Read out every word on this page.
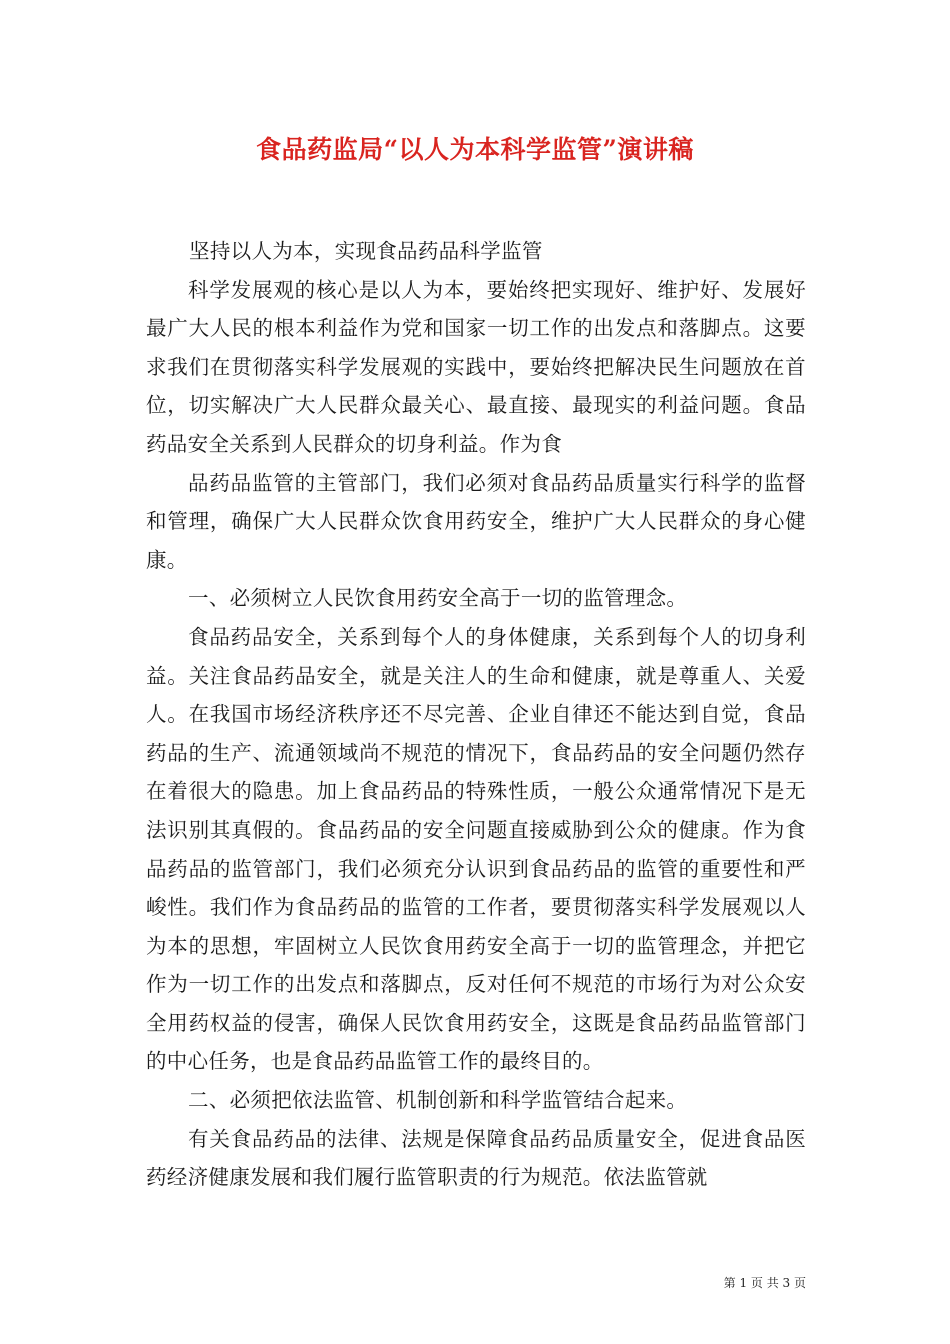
食品药监局“以人为本科学监管”演讲稿

坚持以人为本，实现食品药品科学监管

科学发展观的核心是以人为本，要始终把实现好、维护好、发展好最广大人民的根本利益作为党和国家一切工作的出发点和落脚点。这要求我们在贯彻落实科学发展观的实践中，要始终把解决民生问题放在首位，切实解决广大人民群众最关心、最直接、最现实的利益问题。食品药品安全关系到人民群众的切身利益。作为食

品药品监管的主管部门，我们必须对食品药品质量实行科学的监督和管理，确保广大人民群众饮食用药安全，维护广大人民群众的身心健康。

一、必须树立人民饮食用药安全高于一切的监管理念。

食品药品安全，关系到每个人的身体健康，关系到每个人的切身利益。关注食品药品安全，就是关注人的生命和健康，就是尊重人、关爱人。在我国市场经济秩序还不尽完善、企业自律还不能达到自觉，食品药品的生产、流通领域尚不规范的情况下，食品药品的安全问题仍然存在着很大的隐患。加上食品药品的特殊性质，一般公众通常情况下是无法识别其真假的。食品药品的安全问题直接威胁到公众的健康。作为食品药品的监管部门，我们必须充分认识到食品药品的监管的重要性和严峻性。我们作为食品药品的监管的工作者，要贯彻落实科学发展观以人为本的思想，牢固树立人民饮食用药安全高于一切的监管理念，并把它作为一切工作的出发点和落脚点，反对任何不规范的市场行为对公众安全用药权益的侵害，确保人民饮食用药安全，这既是食品药品监管部门的中心任务，也是食品药品监管工作的最终目的。

二、必须把依法监管、机制创新和科学监管结合起来。

有关食品药品的法律、法规是保障食品药品质量安全，促进食品医药经济健康发展和我们履行监管职责的行为规范。依法监管就

第 1 页 共 3 页
